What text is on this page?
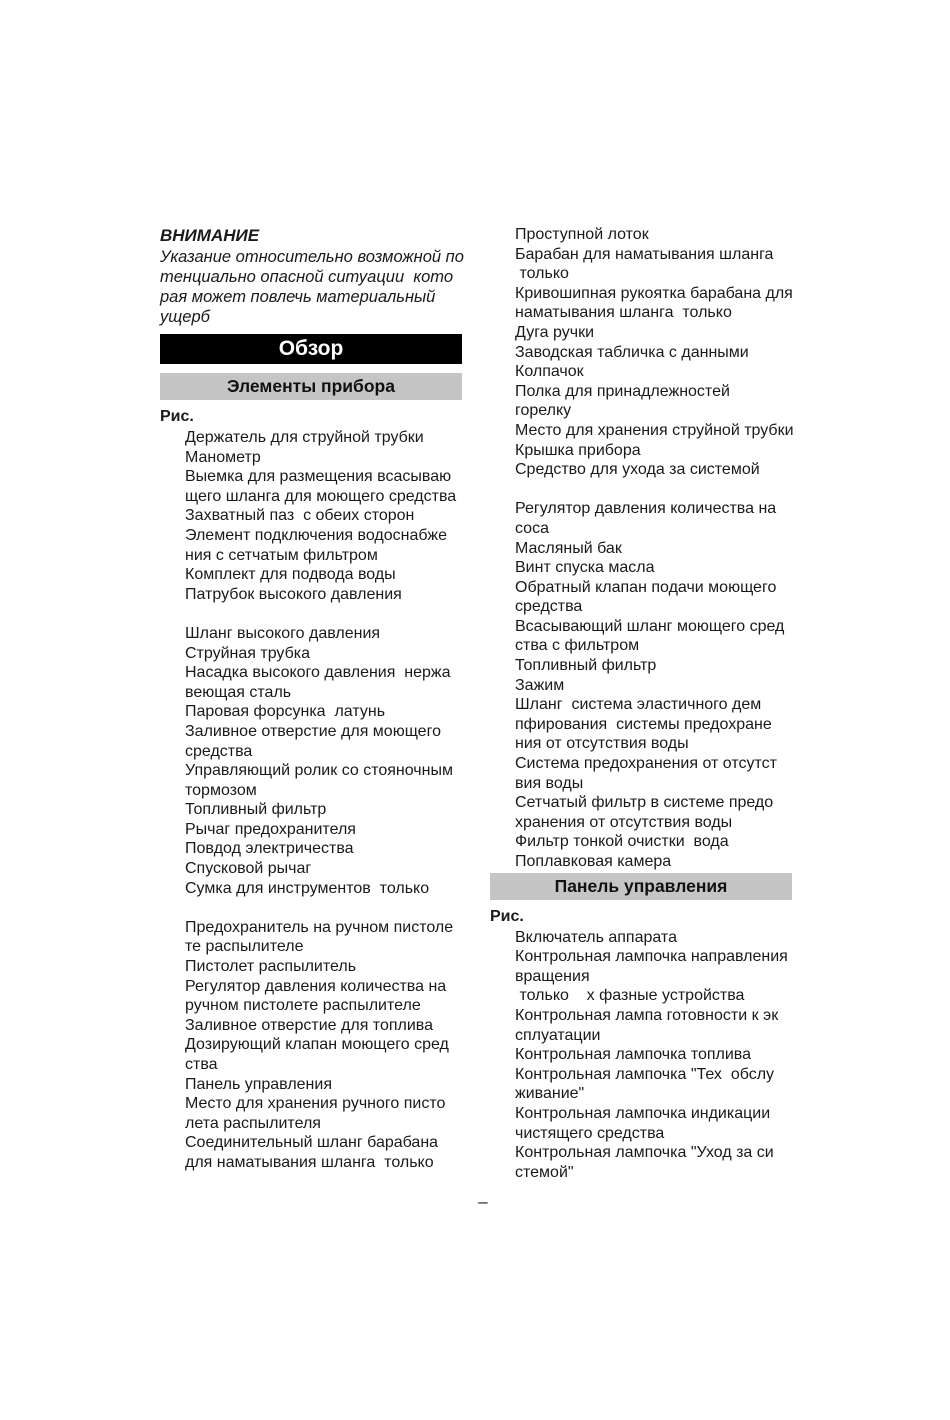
ВНИМАНИЕ
Указание относительно возможной по
тенциально опасной ситуации  кото
рая может повлечь материальный
ущерб
Обзор
Элементы прибора
Рис.
Держатель для струйной трубки
Манометр
Выемка для размещения всасываю
щего шланга для моющего средства
Захватный паз  с обеих сторон
Элемент подключения водоснабже
ния с сетчатым фильтром
Комплект для подвода воды
Патрубок высокого давления

Шланг высокого давления
Струйная трубка
Насадка высокого давления  нержа
веющая сталь
Паровая форсунка  латунь
Заливное отверстие для моющего
средства
Управляющий ролик со стояночным
тормозом
Топливный фильтр
Рычаг предохранителя
Повдод электричества
Спусковой рычаг
Сумка для инструментов  только

Предохранитель на ручном пистоле
те распылителе
Пистолет распылитель
Регулятор давления количества на
ручном пистолете распылителе
Заливное отверстие для топлива
Дозирующий клапан моющего сред
ства
Панель управления
Место для хранения ручного писто
лета распылителя
Соединительный шланг барабана
для наматывания шланга  только
Проступной лоток
Барабан для наматывания шланга
только
Кривошипная рукоятка барабана для
наматывания шланга  только
Дуга ручки
Заводская табличка с данными
Колпачок
Полка для принадлежностей
горелку
Место для хранения струйной трубки
Крышка прибора
Средство для ухода за системой

Регулятор давления количества на
соса
Масляный бак
Винт спуска масла
Обратный клапан подачи моющего
средства
Всасывающий шланг моющего сред
ства с фильтром
Топливный фильтр
Зажим
Шланг  система эластичного дем
пфирования  системы предохране
ния от отсутствия воды
Система предохранения от отсутст
вия воды
Сетчатый фильтр в системе предо
хранения от отсутствия воды
Фильтр тонкой очистки  вода
Поплавковая камера
Панель управления
Рис.
Включатель аппарата
Контрольная лампочка направления
вращения
только    х фазные устройства
Контрольная лампа готовности к эк
сплуатации
Контрольная лампочка топлива
Контрольная лампочка "Тех  обслу
живание"
Контрольная лампочка индикации
чистящего средства
Контрольная лампочка "Уход за си
стемой"
–
